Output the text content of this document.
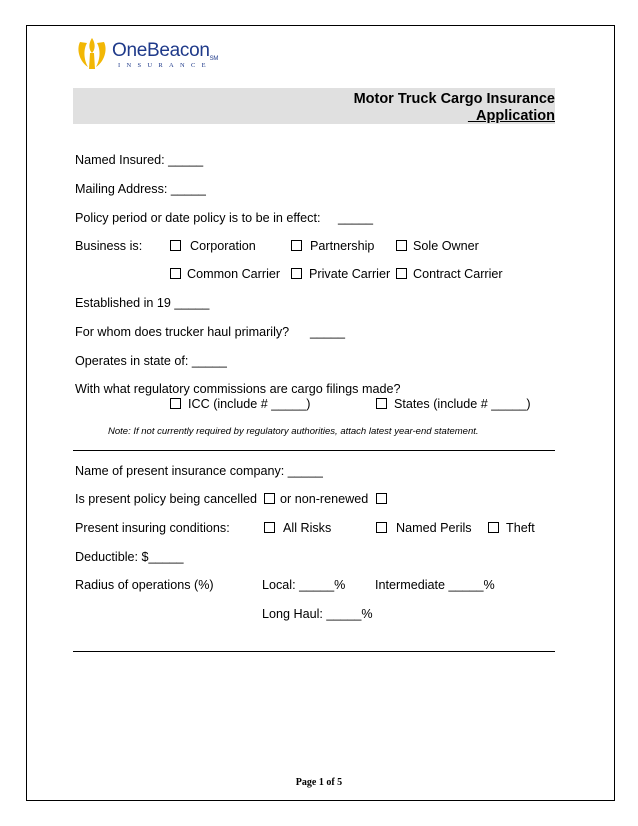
OneBeaconSM
INSURANCE
Motor Truck Cargo Insurance
_Application
Named Insured: _____
Mailing Address: _____
Policy period or date policy is to be in effect: _____
Business is:	Corporation	Partnership	Sole Owner
Common Carrier Private Carrier Contract Carrier
Established in 19 _____
For whom does trucker haul primarily? _____
Operates in state of: _____
With what regulatory commissions are cargo filings made?
ICC (include # _____)	States (include # _____)
Note: If not currently required by regulatory authorities, attach latest year-end statement.
Name of present insurance company: _____
Is present policy being cancelled or non-renewed
Present insuring conditions:	All Risks	Named Perils	Theft
Deductible: $_____
Radius of operations (%)	Local: _____% Intermediate _____%
Long Haul: _____%
Page 1 of 5
